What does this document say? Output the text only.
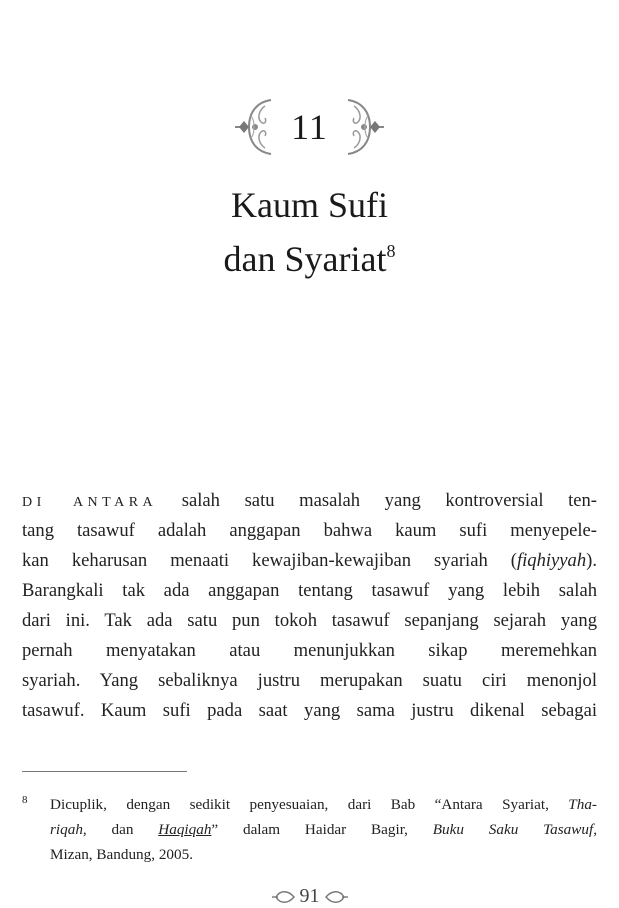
11
Kaum Sufi
dan Syariat$^8$
DI ANTARA salah satu masalah yang kontroversial ten-
tang tasawuf adalah anggapan bahwa kaum sufi menyepele-
kan keharusan menaati kewajiban-kewajiban syariah (fiqhiyyah).
Barangkali tak ada anggapan tentang tasawuf yang lebih salah
dari ini. Tak ada satu pun tokoh tasawuf sepanjang sejarah yang
pernah menyatakan atau menunjukkan sikap meremehkan
syariah. Yang sebaliknya justru merupakan suatu ciri menonjol
tasawuf. Kaum sufi pada saat yang sama justru dikenal sebagai
8 Dicuplik, dengan sedikit penyesuaian, dari Bab “Antara Syariat, Tha-
riqah, dan Haqiqah” dalam Haidar Bagir, Buku Saku Tasawuf,
Mizan, Bandung, 2005.
91
